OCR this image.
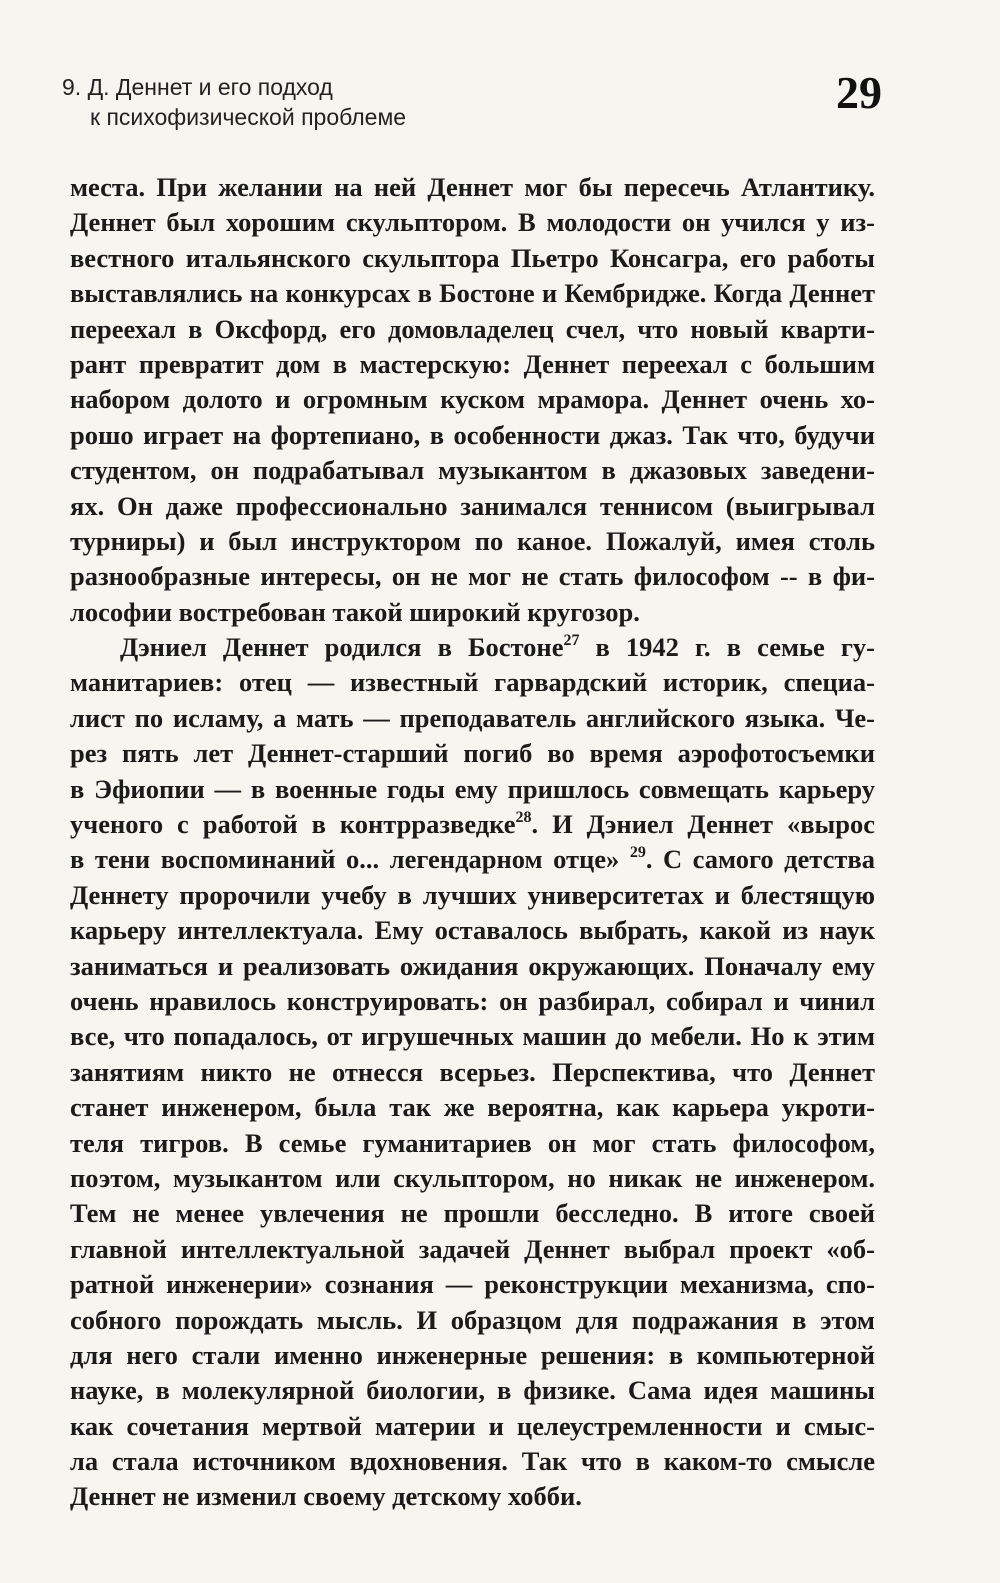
9. Д. Деннет и его подход
к психофизической проблеме	29
места. При желании на ней Деннет мог бы пересечь Атлантику.
Деннет был хорошим скульптором. В молодости он учился у из-
вестного итальянского скульптора Пьетро Консагра, его работы
выставлялись на конкурсах в Бостоне и Кембридже. Когда Деннет
переехал в Оксфорд, его домовладелец счел, что новый кварти-
рант превратит дом в мастерскую: Деннет переехал с большим
набором долото и огромным куском мрамора. Деннет очень хо-
рошо играет на фортепиано, в особенности джаз. Так что, будучи
студентом, он подрабатывал музыкантом в джазовых заведени-
ях. Он даже профессионально занимался теннисом (выигрывал
турниры) и был инструктором по каное. Пожалуй, имея столь
разнообразные интересы, он не мог не стать философом -- в фи-
лософии востребован такой широкий кругозор.
Дэниел Деннет родился в Бостоне$^{27}$ в 1942 г. в семье гу-
манитариев: отец — известный гарвардский историк, специа-
лист по исламу, а мать — преподаватель английского языка. Че-
рез пять лет Деннет-старший погиб во время аэрофотосъемки
в Эфиопии — в военные годы ему пришлось совмещать карьеру
ученого с работой в контрразведке$^{28}$. И Дэниел Деннет «вырос
в тени воспоминаний о... легендарном отце» $^{29}$. С самого детства
Деннету пророчили учебу в лучших университетах и блестящую
карьеру интеллектуала. Ему оставалось выбрать, какой из наук
заниматься и реализовать ожидания окружающих. Поначалу ему
очень нравилось конструировать: он разбирал, собирал и чинил
все, что попадалось, от игрушечных машин до мебели. Но к этим
занятиям никто не отнесся всерьез. Перспектива, что Деннет
станет инженером, была так же вероятна, как карьера укроти-
теля тигров. В семье гуманитариев он мог стать философом,
поэтом, музыкантом или скульптором, но никак не инженером.
Тем не менее увлечения не прошли бесследно. В итоге своей
главной интеллектуальной задачей Деннет выбрал проект «об-
ратной инженерии» сознания — реконструкции механизма, спо-
собного порождать мысль. И образцом для подражания в этом
для него стали именно инженерные решения: в компьютерной
науке, в молекулярной биологии, в физике. Сама идея машины
как сочетания мертвой материи и целеустремленности и смыс-
ла стала источником вдохновения. Так что в каком-то смысле
Деннет не изменил своему детскому хобби.
